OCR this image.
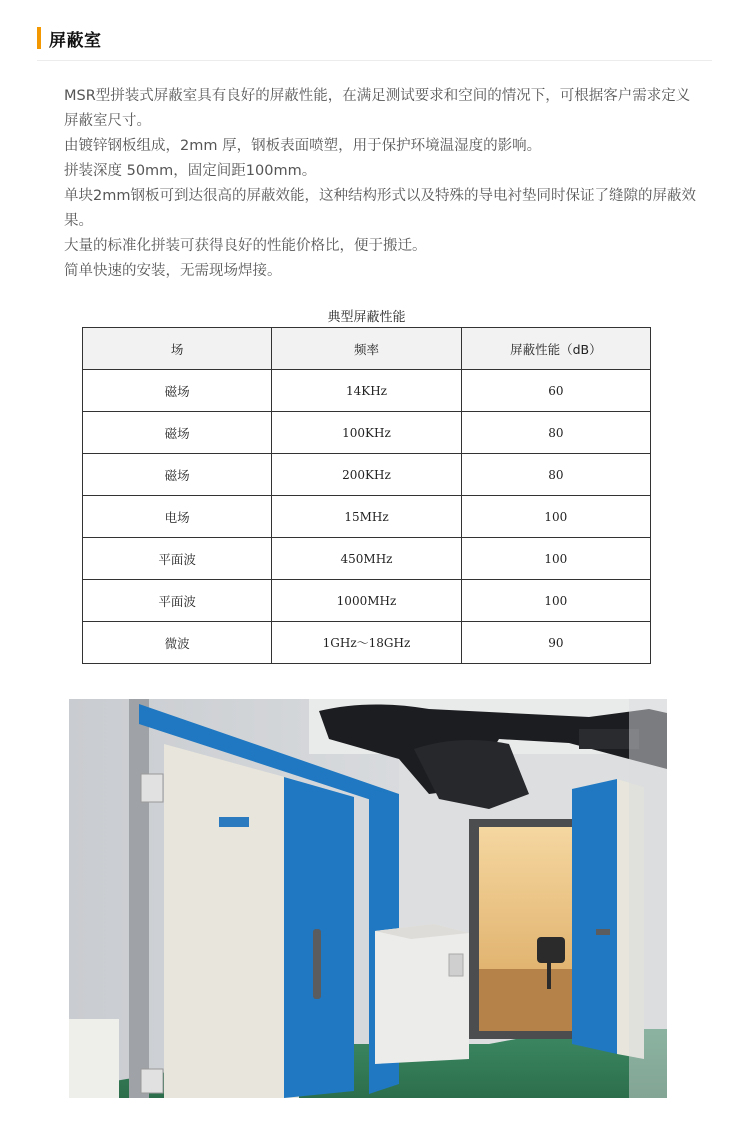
屏蔽室

MSR型拼装式屏蔽室具有良好的屏蔽性能，在满足测试要求和空间的情况下，可根据客户需求定义屏蔽室尺寸。

由镀锌钢板组成，2mm 厚，钢板表面喷塑，用于保护环境温湿度的影响。

拼装深度 50mm，固定间距100mm。

单块2mm钢板可到达很高的屏蔽效能，这种结构形式以及特殊的导电衬垫同时保证了缝隙的屏蔽效果。

大量的标准化拼装可获得良好的性能价格比，便于搬迁。

简单快速的安装，无需现场焊接。

典型屏蔽性能
场	频率	屏蔽性能（dB）
磁场	14KHz	60
磁场	100KHz	80
磁场	200KHz	80
电场	15MHz	100
平面波	450MHz	100
平面波	1000MHz	100
微波	1GHz～18GHz	90
